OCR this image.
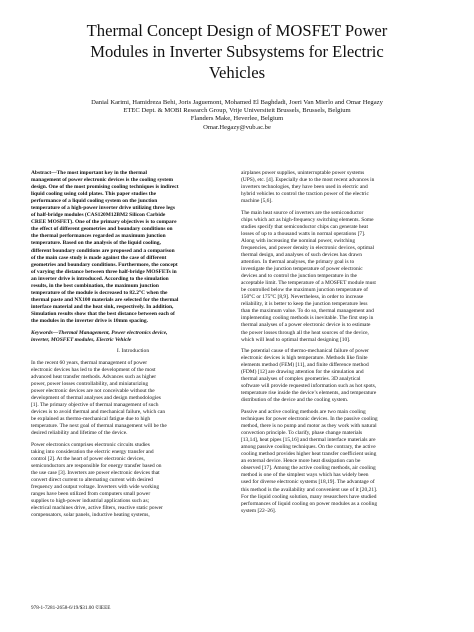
Thermal Concept Design of MOSFET Power
Modules in Inverter Subsystems for Electric
Vehicles
Danial Karimi, Hamidreza Behi, Joris Jaguemont, Mohamed El Baghdadi, Joeri Van Mierlo and Omar Hegazy
ETEC Dept. & MOBI Research Group, Vrije Universiteit Brussels, Brussels, Belgium
Flanders Make, Heverlee, Belgium
Omar.Hegazy@vub.ac.be
Abstract—The most important key in the thermal
management of power electronic devices is the cooling system
design. One of the most promising cooling techniques is indirect
liquid cooling using cold plates. This paper studies the
performance of a liquid cooling system on the junction
temperature of a high-power inverter drive utilizing three legs
of half-bridge modules (CAS120M12BM2 Silicon Carbide
CREE MOSFET). One of the primary objectives is to compare
the effect of different geometries and boundary conditions on
the thermal performances regarded as maximum junction
temperature. Based on the analysis of the liquid cooling,
different boundary conditions are proposed and a comparison
of the main case study is made against the case of different
geometries and boundary conditions. Furthermore, the concept
of varying the distance between three half-bridge MOSFETs in
an inverter drive is introduced. According to the simulation
results, in the best combination, the maximum junction
temperature of the module is decreased to 82.2°C when the
thermal paste and NX100 materials are selected for the thermal
interface material and the heat sink, respectively. In addition,
Simulation results show that the best distance between each of
the modules in the inverter drive is 10mm spacing.
Keywords—Thermal Management, Power electronics device,
inverter, MOSFET modules, Electric Vehicle
I. Introduction
In the recent 60 years, thermal management of power
electronic devices has led to the development of the most
advanced heat transfer methods. Advances such as higher
power, power losses controllability, and miniaturizing
power electronic devices are not conceivable without the
development of thermal analyses and design methodologies
[1]. The primary objective of thermal management of such
devices is to avoid thermal and mechanical failure, which can
be explained as thermo-mechanical fatigue due to high
temperature. The next goal of thermal management will be the
desired reliability and lifetime of the device.
Power electronics comprises electronic circuits studies
taking into consideration the electric energy transfer and
control [2]. At the heart of power electronic devices,
semiconductors are responsible for energy transfer based on
the use case [3]. Inverters are power electronic devices that
convert direct current to alternating current with desired
frequency and output voltage. Inverters with wide working
ranges have been utilized from computers small power
supplies to high-power industrial applications such as;
electrical machines drive, active filters, reactive static power
compensators, solar panels, inductive heating systems,
airplanes power supplies, uninterruptable power systems
(UPS), etc. [4]. Especially due to the most recent advances in
inverters technologies, they have been used in electric and
hybrid vehicles to control the traction power of the electric
machine [5,6].
The main heat source of inverters are the semiconductor
chips which act as high-frequency switching elements. Some
studies specify that semiconductor chips can generate heat
losses of up to a thousand watts in normal operations [7].
Along with increasing the nominal power, switching
frequencies, and power density in electronic devices, optimal
thermal design, and analyses of such devices has drawn
attention. In thermal analyses, the primary goal is to
investigate the junction temperature of power electronic
devices and to control the junction temperature in the
acceptable limit. The temperature of a MOSFET module must
be controlled below the maximum junction temperature of
150°C or 175°C [8,9]. Nevertheless, in order to increase
reliability, it is better to keep the junction temperature less
than the maximum value. To do so, thermal management and
implementing cooling methods is inevitable. The first step in
thermal analyses of a power electronic device is to estimate
the power losses through all the heat sources of the device,
which will lead to optimal thermal designing [10].
The potential cause of thermo-mechanical failure of power
electronic devices is high temperature. Methods like finite
elements method (FEM) [11], and finite difference method
(FDM) [12] are drawing attention for the simulation and
thermal analyses of complex geometries. 3D analytical
software will provide requested information such as hot spots,
temperature rise inside the device’s elements, and temperature
distribution of the device and the cooling system.
Passive and active cooling methods are two main cooling
techniques for power electronic devices. In the passive cooling
method, there is no pump and motor as they work with natural
convection principle. To clarify, phase change materials
[13,14], heat pipes [15,16] and thermal interface materials are
among passive cooling techniques. On the contrary, the active
cooling method provides higher heat transfer coefficient using
an external device. Hence more heat dissipation can be
observed [17]. Among the active cooling methods, air cooling
method is one of the simplest ways which has widely been
used for diverse electronic systems [18,19]. The advantage of
this method is the availability and convenient use of it [20,21].
For the liquid cooling solution, many researchers have studied
performances of liquid cooling on power modules as a cooling
system [22–26].
978-1-7281-2658-6/19/$31.00 ©IEEE
